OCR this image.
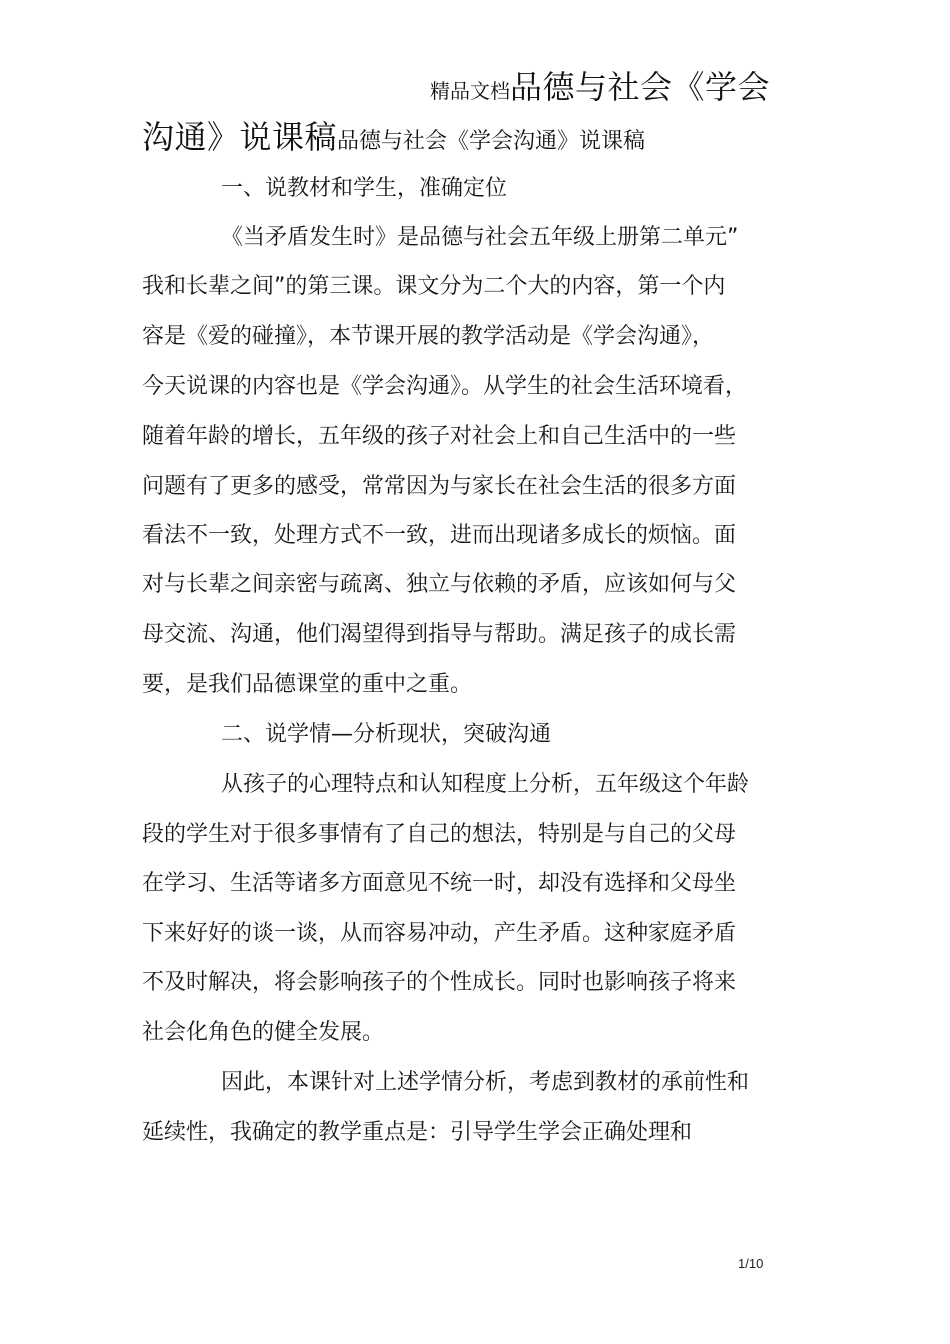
精品文档品德与社会《学会
沟通》说课稿品德与社会《学会沟通》说课稿
一、说教材和学生，准确定位
《当矛盾发生时》是品德与社会五年级上册第二单元”
我和长辈之间”的第三课。课文分为二个大的内容，第一个内
容是《爱的碰撞》，本节课开展的教学活动是《学会沟通》，
今天说课的内容也是《学会沟通》。从学生的社会生活环境看，
随着年龄的增长，五年级的孩子对社会上和自己生活中的一些
问题有了更多的感受，常常因为与家长在社会生活的很多方面
看法不一致，处理方式不一致，进而出现诸多成长的烦恼。面
对与长辈之间亲密与疏离、独立与依赖的矛盾，应该如何与父
母交流、沟通，他们渴望得到指导与帮助。满足孩子的成长需
要，是我们品德课堂的重中之重。
二、说学情—分析现状，突破沟通
从孩子的心理特点和认知程度上分析，五年级这个年龄
段的学生对于很多事情有了自己的想法，特别是与自己的父母
在学习、生活等诸多方面意见不统一时，却没有选择和父母坐
下来好好的谈一谈，从而容易冲动，产生矛盾。这种家庭矛盾
不及时解决，将会影响孩子的个性成长。同时也影响孩子将来
社会化角色的健全发展。
因此，本课针对上述学情分析，考虑到教材的承前性和
延续性，我确定的教学重点是：引导学生学会正确处理和
1/10
